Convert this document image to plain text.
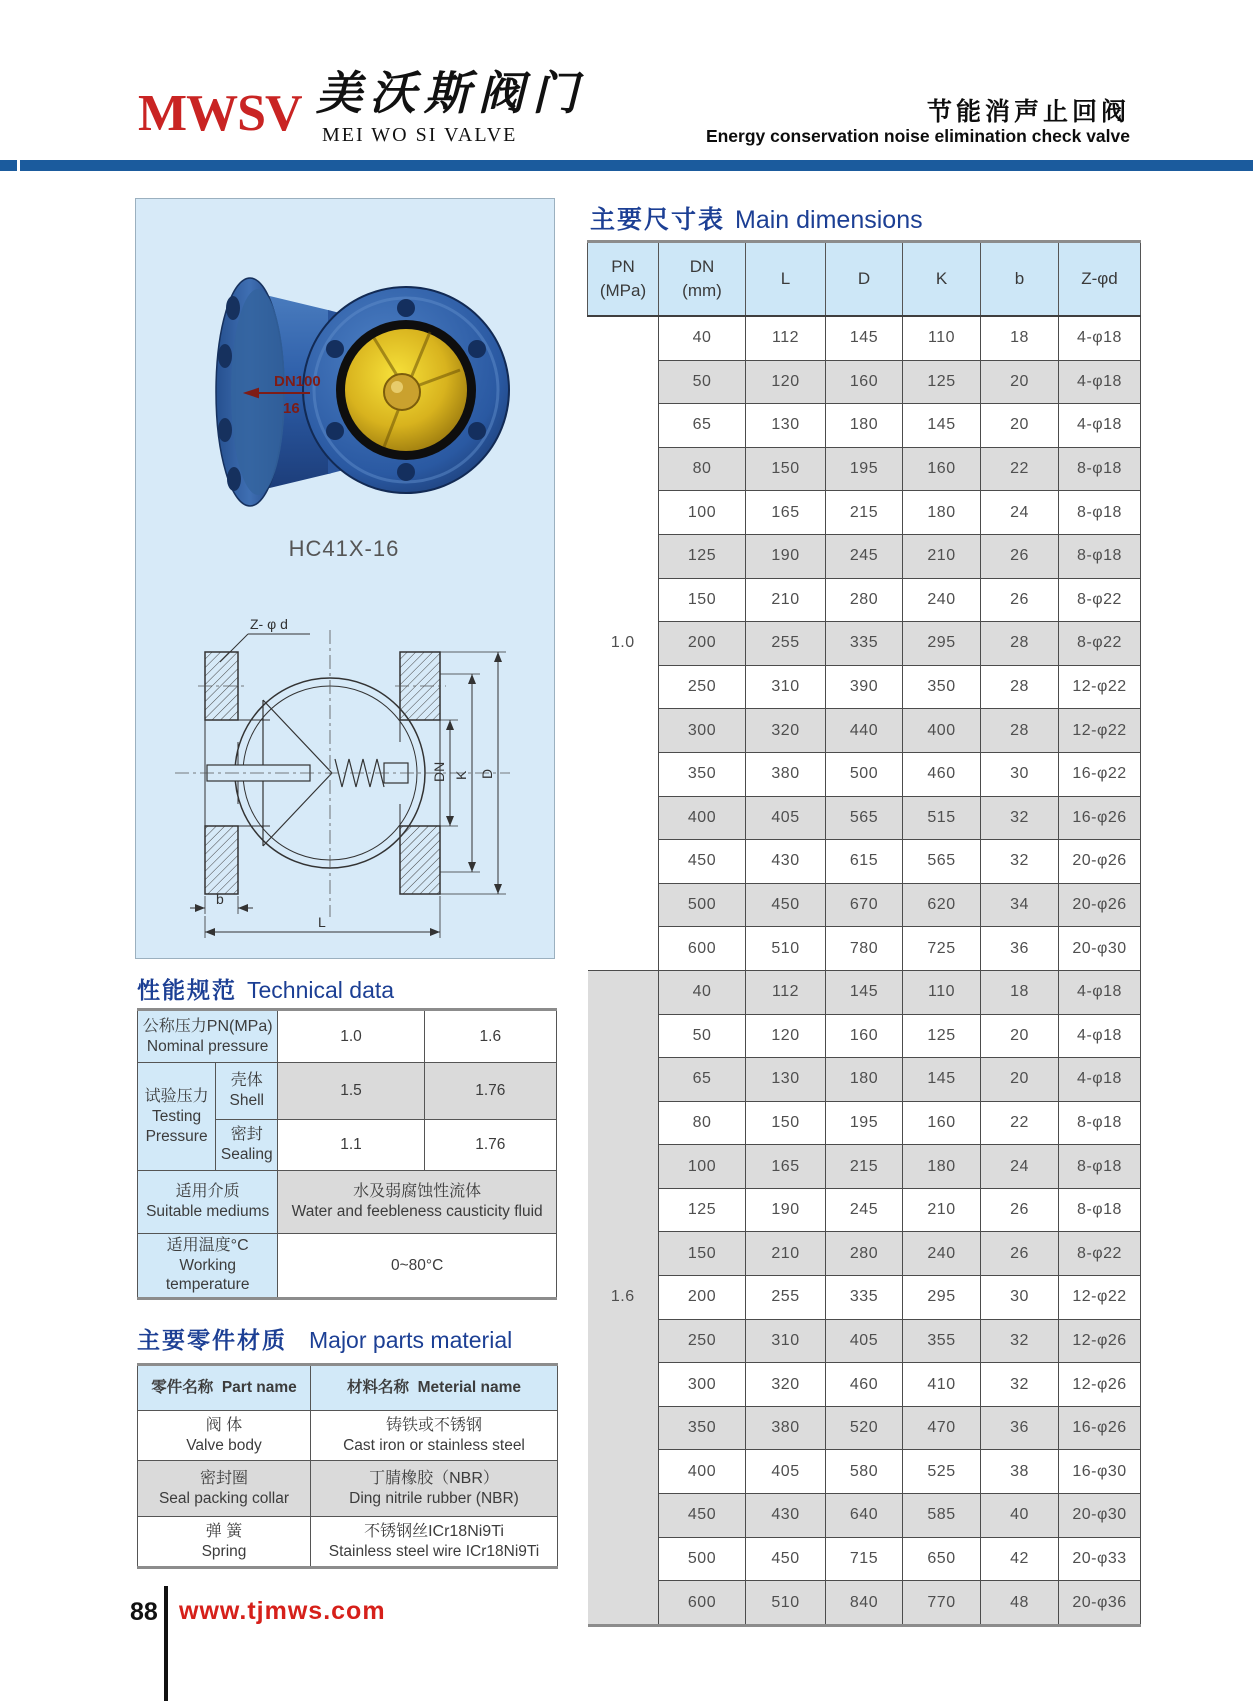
MWSV 美沃斯阀门
MEI WO SI VALVE
节能消声止回阀
Energy conservation noise elimination check valve
DN100
16
HC41X-16
Z- φ d
DN K D
b
L
性能规范 Technical data
公称压力PN(MPa)
Nominal pressure		1.0	1.6

试验压力
Testing Pressure	壳体
Shell	1.5	1.76

	密封
Sealing	1.1	1.76

适用介质
Suitable mediums		水及弱腐蚀性流体
Water and feebleness causticity fluid	

适用温度°C
Working temperature		0~80°C	
主要零件材质 Major parts material
零件名称 Part name	材料名称 Meterial name

阀 体
Valve body	铸铁或不锈钢
Cast iron or stainless steel

密封圈
Seal packing collar	丁腈橡胶（NBR）
Ding nitrile rubber (NBR)

弹 簧
Spring	不锈钢丝ICr18Ni9Ti
Stainless steel wire ICr18Ni9Ti
主要尺寸表 Main dimensions
PN
(MPa)

DN
(mm)

L	D	K	b	Z-φd

1.0	40	112	145	110	18	4-φ18
	50	120	160	125	20	4-φ18
	65	130	180	145	20	4-φ18
	80	150	195	160	22	8-φ18
	100	165	215	180	24	8-φ18
	125	190	245	210	26	8-φ18
	150	210	280	240	26	8-φ22
	200	255	335	295	28	8-φ22
	250	310	390	350	28	12-φ22
	300	320	440	400	28	12-φ22
	350	380	500	460	30	16-φ22
	400	405	565	515	32	16-φ26
	450	430	615	565	32	20-φ26
	500	450	670	620	34	20-φ26
	600	510	780	725	36	20-φ30
1.6	40	112	145	110	18	4-φ18
	50	120	160	125	20	4-φ18
	65	130	180	145	20	4-φ18
	80	150	195	160	22	8-φ18
	100	165	215	180	24	8-φ18
	125	190	245	210	26	8-φ18
	150	210	280	240	26	8-φ22
	200	255	335	295	30	12-φ22
	250	310	405	355	32	12-φ26
	300	320	460	410	32	12-φ26
	350	380	520	470	36	16-φ26
	400	405	580	525	38	16-φ30
	450	430	640	585	40	20-φ30
	500	450	715	650	42	20-φ33
	600	510	840	770	48	20-φ36
88 www.tjmws.com
